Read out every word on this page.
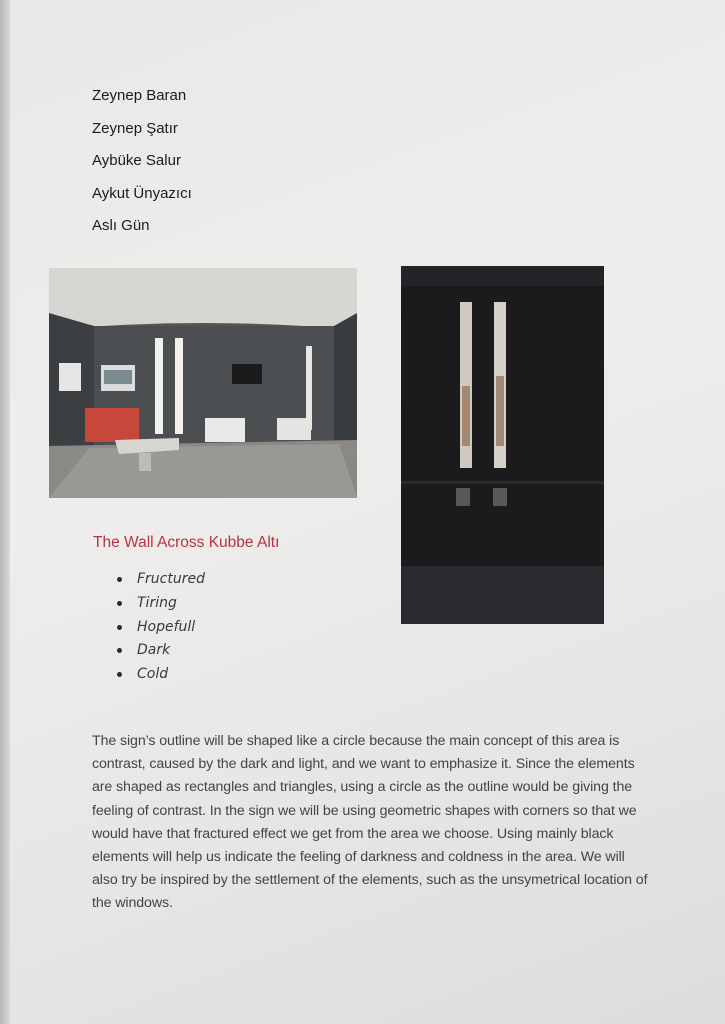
Zeynep Baran
Zeynep Şatır
Aybüke Salur
Aykut Ünyazıcı
Aslı Gün
The Wall Across Kubbe Altı
Fructured
Tiring
Hopefull
Dark
Cold

The sign’s outline will be shaped like a circle because the main concept of this area is contrast, caused by the dark and light, and we want to emphasize it. Since the elements are shaped as rectangles and triangles, using a circle as the outline would be giving the feeling of contrast. In the sign we will be using geometric shapes with corners so that we would have that fractured effect we get from the area we choose. Using mainly black elements will help us indicate the feeling of darkness and coldness in the area. We will also try be inspired by the settlement of the elements, such as the unsymetrical location of the windows.
